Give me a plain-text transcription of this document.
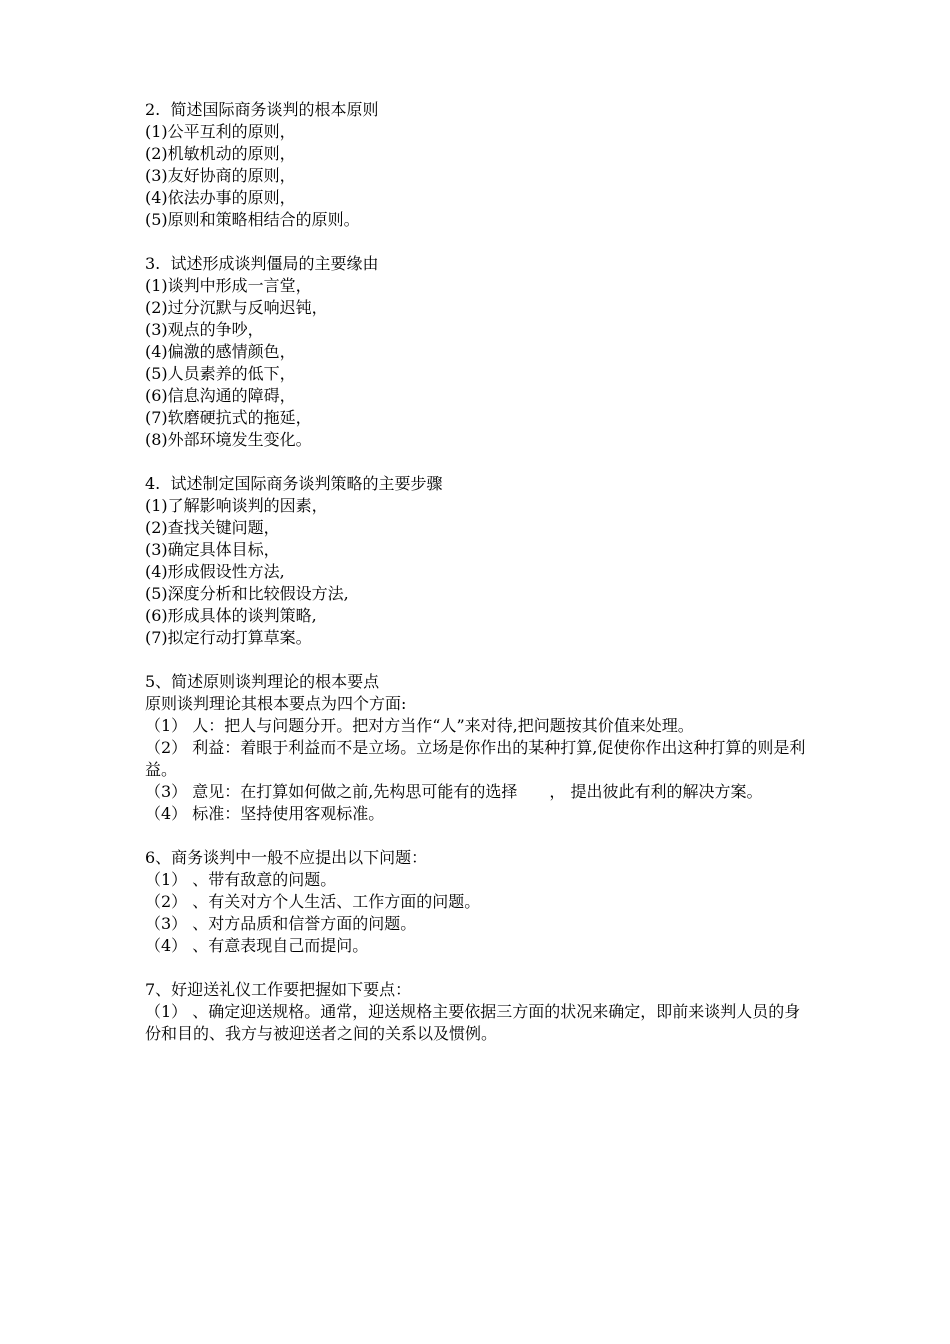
2.  简述国际商务谈判的根本原则
(1)公平互利的原则，
(2)机敏机动的原则，
(3)友好协商的原则，
(4)依法办事的原则，
(5)原则和策略相结合的原则。
3.  试述形成谈判僵局的主要缘由
(1)谈判中形成一言堂，
(2)过分沉默与反响迟钝，
(3)观点的争吵，
(4)偏激的感情颜色，
(5)人员素养的低下，
(6)信息沟通的障碍，
(7)软磨硬抗式的拖延，
(8)外部环境发生变化。
4.  试述制定国际商务谈判策略的主要步骤
(1)了解影响谈判的因素，
(2)查找关键问题，
(3)确定具体目标，
(4)形成假设性方法,
(5)深度分析和比较假设方法,
(6)形成具体的谈判策略,
(7)拟定行动打算草案。
5、简述原则谈判理论的根本要点
原则谈判理论其根本要点为四个方面:
（1） 人：把人与问题分开。把对方当作“人”来对待,把问题按其价值来处理。
（2） 利益：着眼于利益而不是立场。立场是你作出的某种打算,促使你作出这种打算的则是利益。
（3） 意见：在打算如何做之前,先构思可能有的选择　　， 提出彼此有利的解决方案。
（4） 标准：坚持使用客观标准。
6、商务谈判中一般不应提出以下问题：
（1） 、带有敌意的问题。
（2） 、有关对方个人生活、工作方面的问题。
（3） 、对方品质和信誉方面的问题。
（4） 、有意表现自己而提问。
7、好迎送礼仪工作要把握如下要点：
（1） 、确定迎送规格。通常，迎送规格主要依据三方面的状况来确定，即前来谈判人员的身份和目的、我方与被迎送者之间的关系以及惯例。
